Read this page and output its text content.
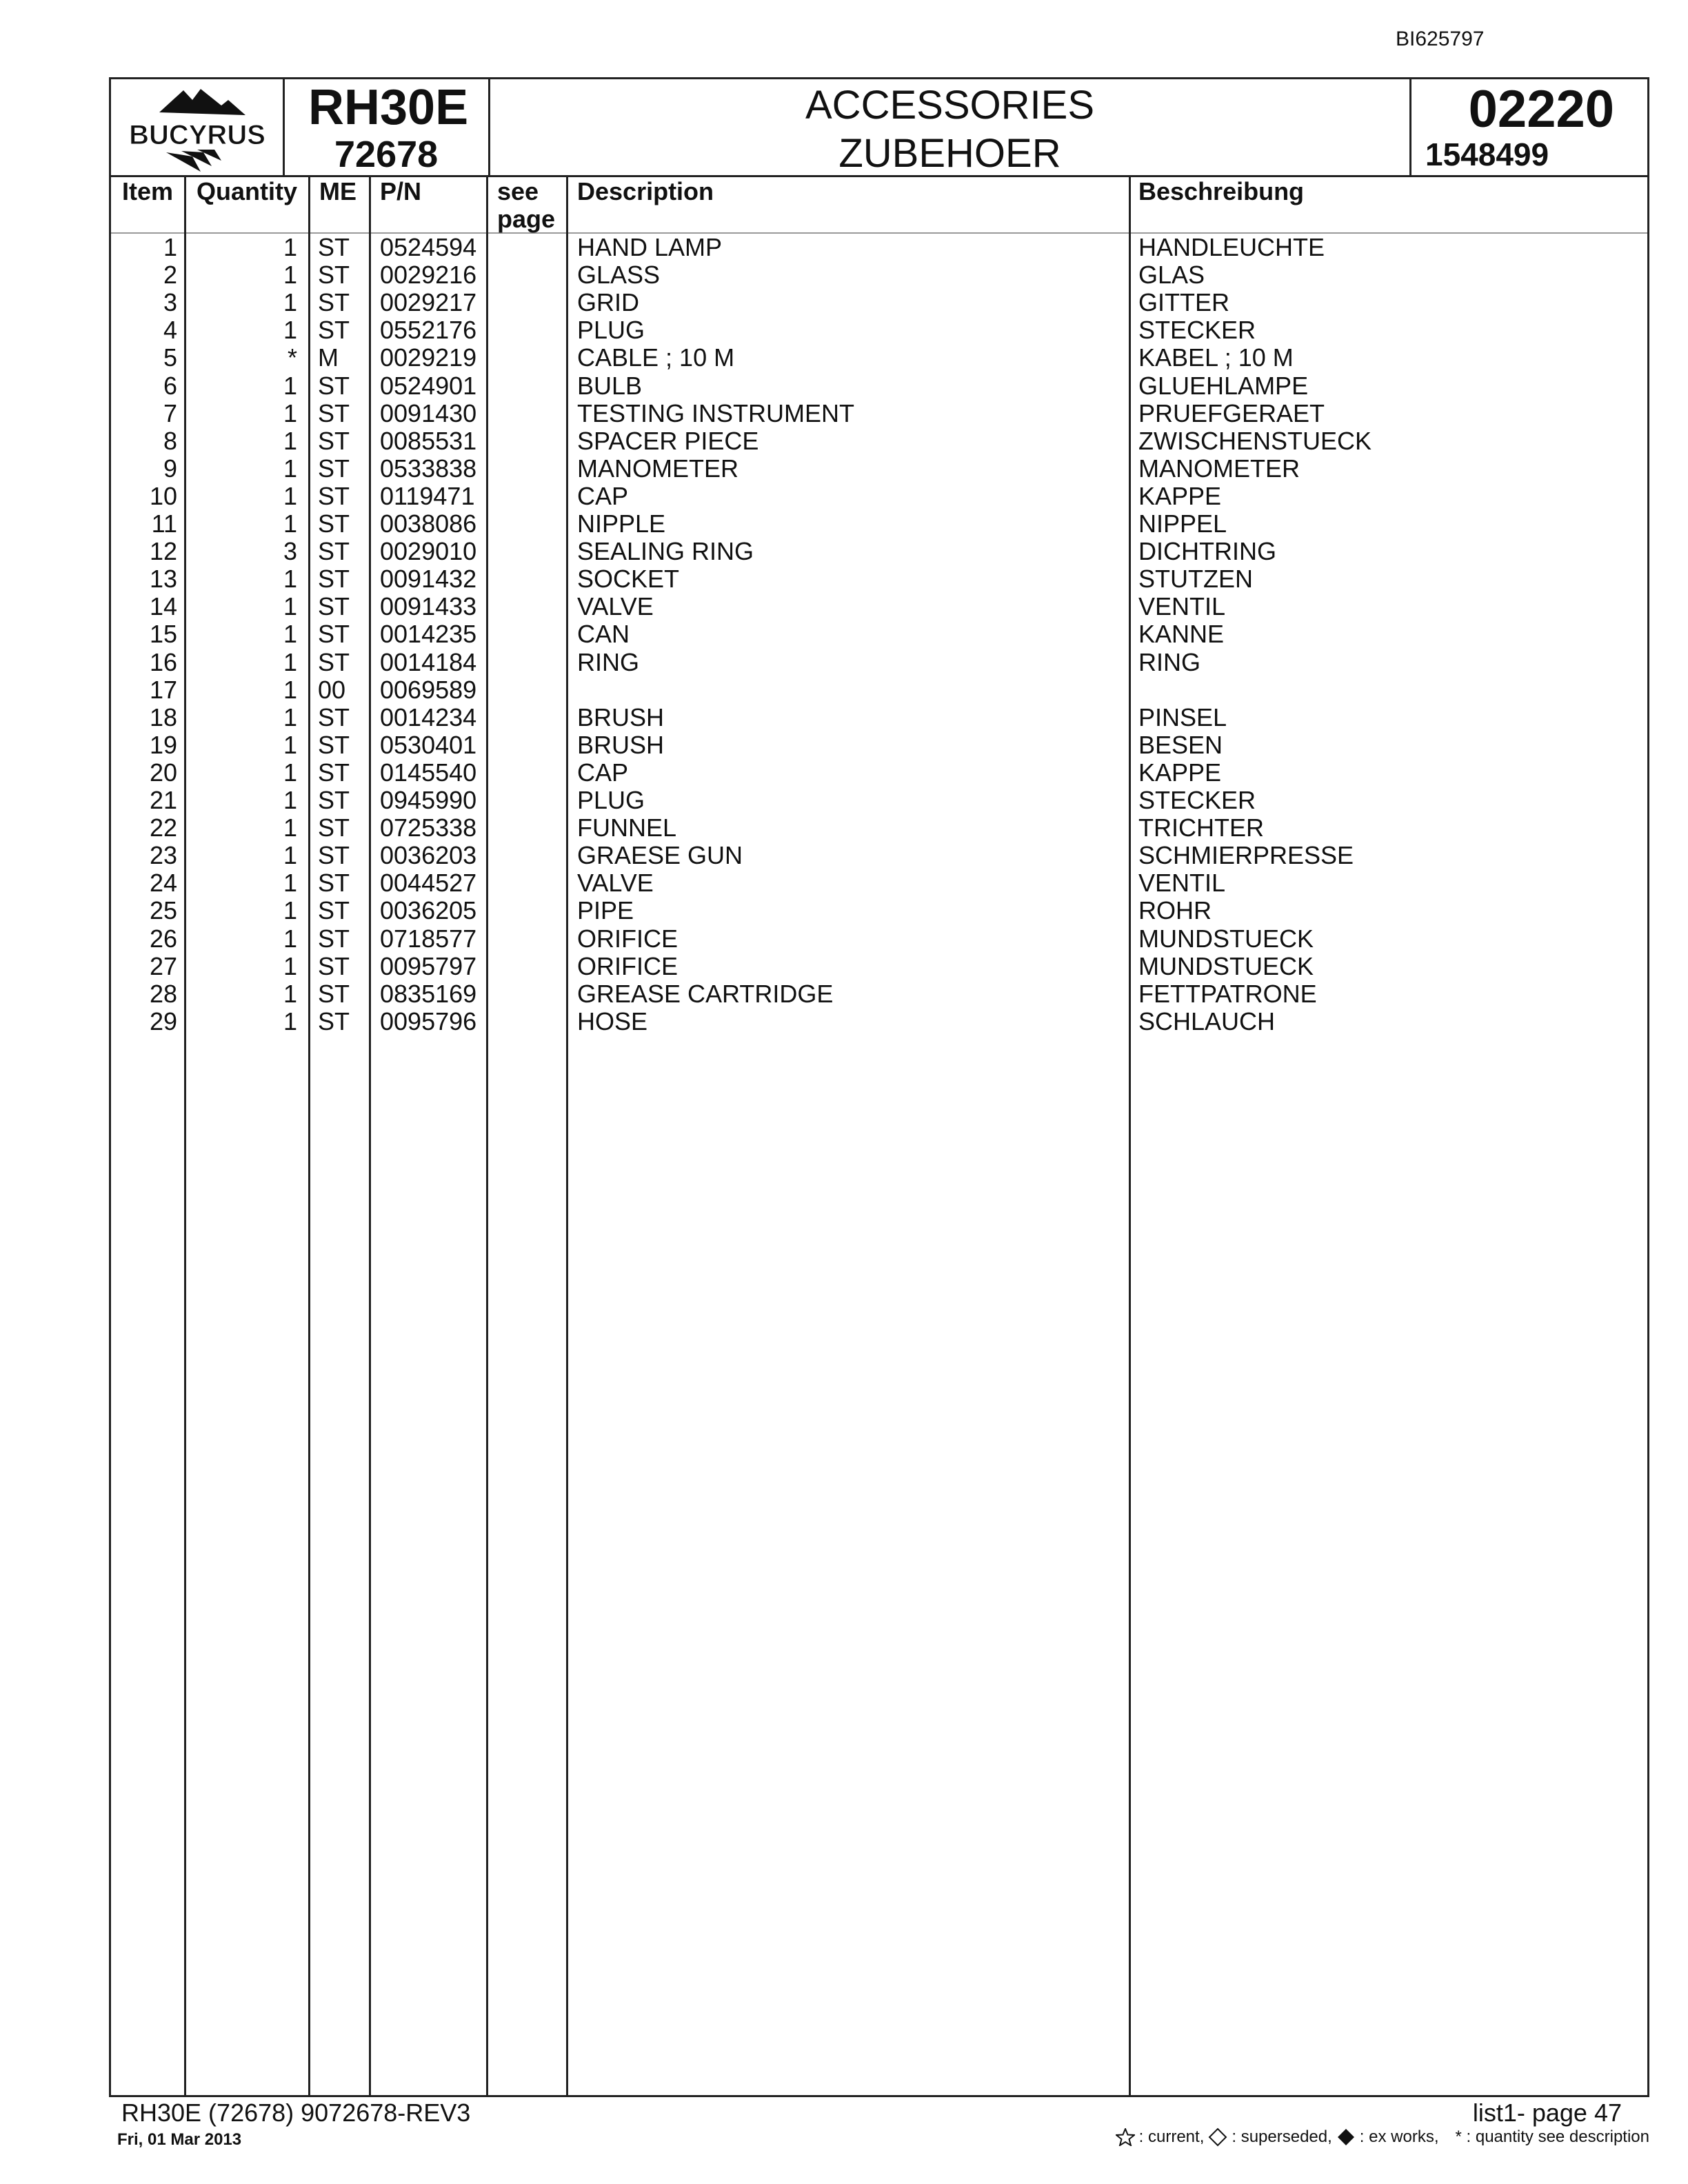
BI625797
BUCYRUS RH30E
72678
ACCESSORIES
ZUBEHOER
02220
1548499
Item Quantity ME P/N	see
page
Description	Beschreibung
1	1 ST 0524594	HAND LAMP	HANDLEUCHTE
2	1 ST 0029216	GLASS	GLAS
3	1 ST 0029217	GRID	GITTER
4	1 ST 0552176	PLUG	STECKER
5	* M 0029219	CABLE ; 10 M	KABEL ; 10 M
6	1 ST 0524901	BULB	GLUEHLAMPE
7	1 ST 0091430	TESTING INSTRUMENT	PRUEFGERAET
8	1 ST 0085531	SPACER PIECE	ZWISCHENSTUECK
9	1 ST 0533838	MANOMETER	MANOMETER
10	1 ST 0119471	CAP	KAPPE
11	1 ST 0038086	NIPPLE	NIPPEL
12	3 ST 0029010	SEALING RING	DICHTRING
13	1 ST 0091432	SOCKET	STUTZEN
14	1 ST 0091433	VALVE	VENTIL
15	1 ST 0014235	CAN	KANNE
16	1 ST 0014184	RING	RING
17	1 00 0069589
18	1 ST 0014234	BRUSH	PINSEL
19	1 ST 0530401	BRUSH	BESEN
20	1 ST 0145540	CAP	KAPPE
21	1 ST 0945990	PLUG	STECKER
22	1 ST 0725338	FUNNEL	TRICHTER
23	1 ST 0036203	GRAESE GUN	SCHMIERPRESSE
24	1 ST 0044527	VALVE	VENTIL
25	1 ST 0036205	PIPE	ROHR
26	1 ST 0718577	ORIFICE	MUNDSTUECK
27	1 ST 0095797	ORIFICE	MUNDSTUECK
28	1 ST 0835169	GREASE CARTRIDGE	FETTPATRONE
29	1 ST 0095796	HOSE	SCHLAUCH
RH30E (72678) 9072678-REV3
Fri, 01 Mar 2013
list1- page 47
: current, : superseded, : ex works, * : quantity see description
